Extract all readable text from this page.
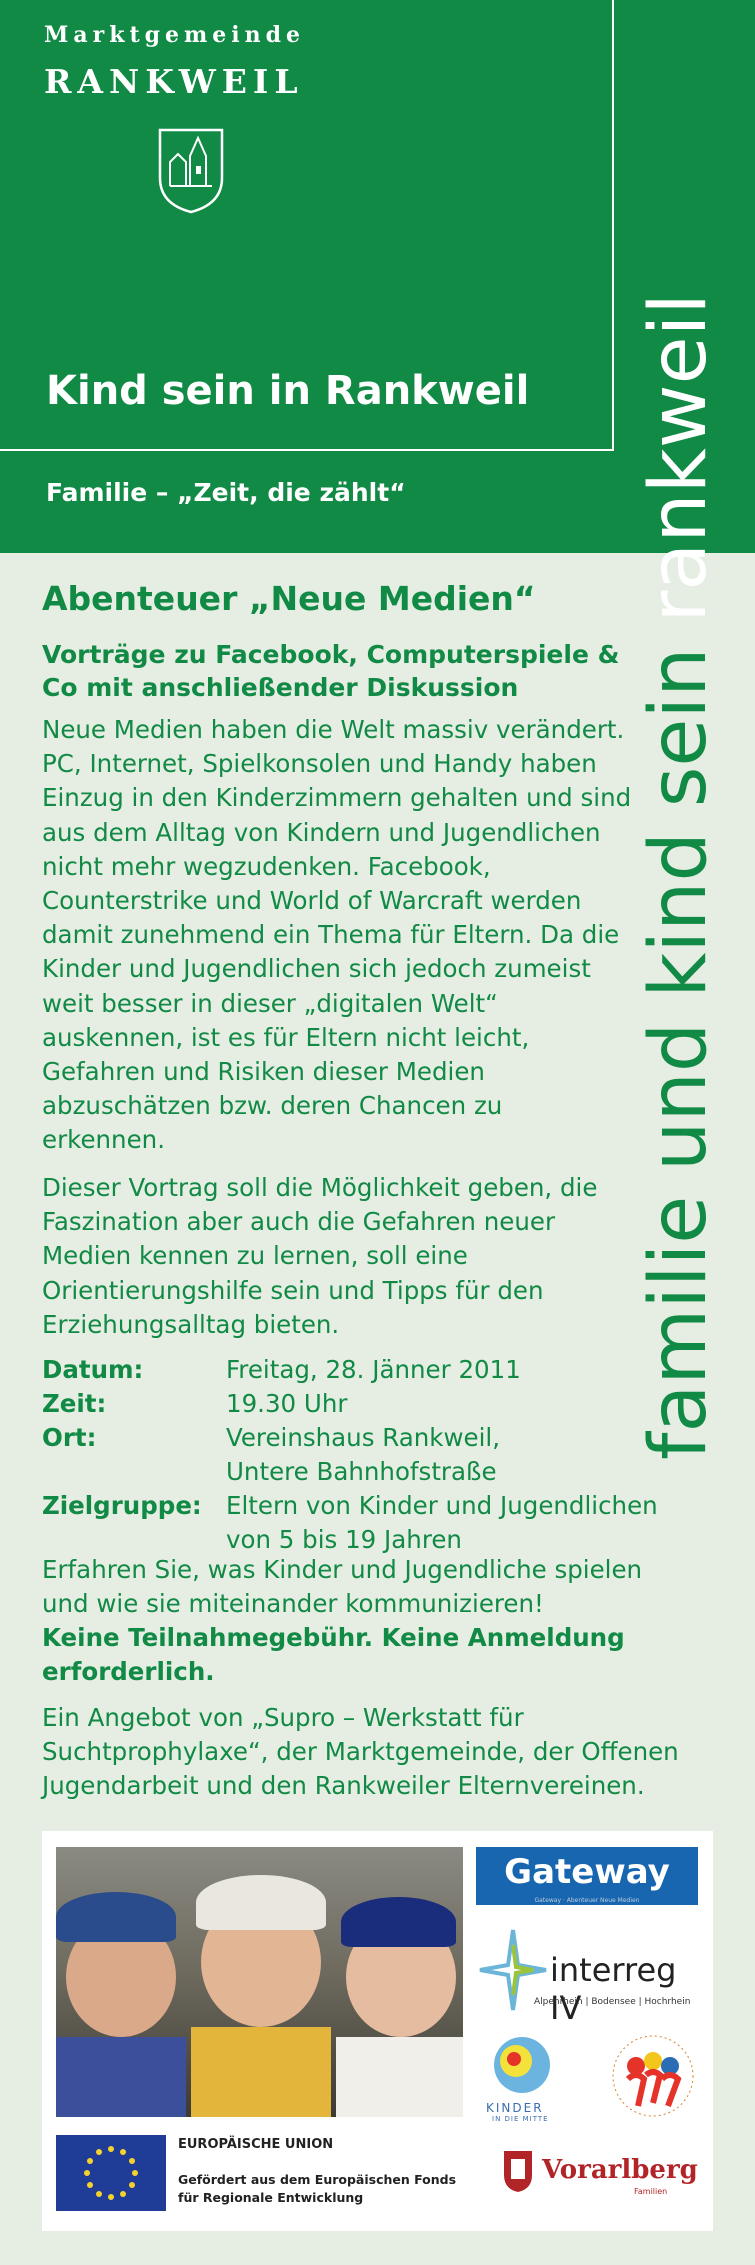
Marktgemeinde
RANKWEIL
Kind sein in Rankweil
Familie – „Zeit, die zählt“
Abenteuer „Neue Medien“
Vorträge zu Facebook, Computerspiele & Co mit anschließender Diskussion
Neue Medien haben die Welt massiv verändert. PC, Internet, Spielkonsolen und Handy haben Einzug in den Kinderzimmern gehalten und sind aus dem Alltag von Kindern und Jugendlichen nicht mehr wegzudenken. Facebook, Counterstrike und World of Warcraft werden damit zunehmend ein Thema für Eltern. Da die Kinder und Jugendlichen sich jedoch zumeist weit besser in dieser „digitalen Welt“ auskennen, ist es für Eltern nicht leicht, Gefahren und Risiken dieser Medien abzuschätzen bzw. deren Chancen zu erkennen.
Dieser Vortrag soll die Möglichkeit geben, die Faszination aber auch die Gefahren neuer Medien kennen zu lernen, soll eine Orientierungshilfe sein und Tipps für den Erziehungsalltag bieten.
Datum:	Freitag, 28. Jänner 2011
Zeit:	19.30 Uhr
Ort:	Vereinshaus Rankweil, Untere Bahnhofstraße
Zielgruppe: Eltern von Kinder und Jugendlichen von 5 bis 19 Jahren
Erfahren Sie, was Kinder und Jugendliche spielen und wie sie miteinander kommunizieren!
Keine Teilnahmegebühr. Keine Anmeldung erforderlich.
Ein Angebot von „Supro – Werkstatt für Suchtprophylaxe“, der Marktgemeinde, der Offenen Jugendarbeit und den Rankweiler Elternvereinen.
EUROPÄISCHE UNION
Gefördert aus dem Europäischen Fonds für Regionale Entwicklung
Gateway
Gateway · Abenteuer Neue Medien
interreg IV
Alpenrhein | Bodensee | Hochrhein
KINDER
IN DIE MITTE
Vorarlberg
Familien
familie und kind sein rankweil
